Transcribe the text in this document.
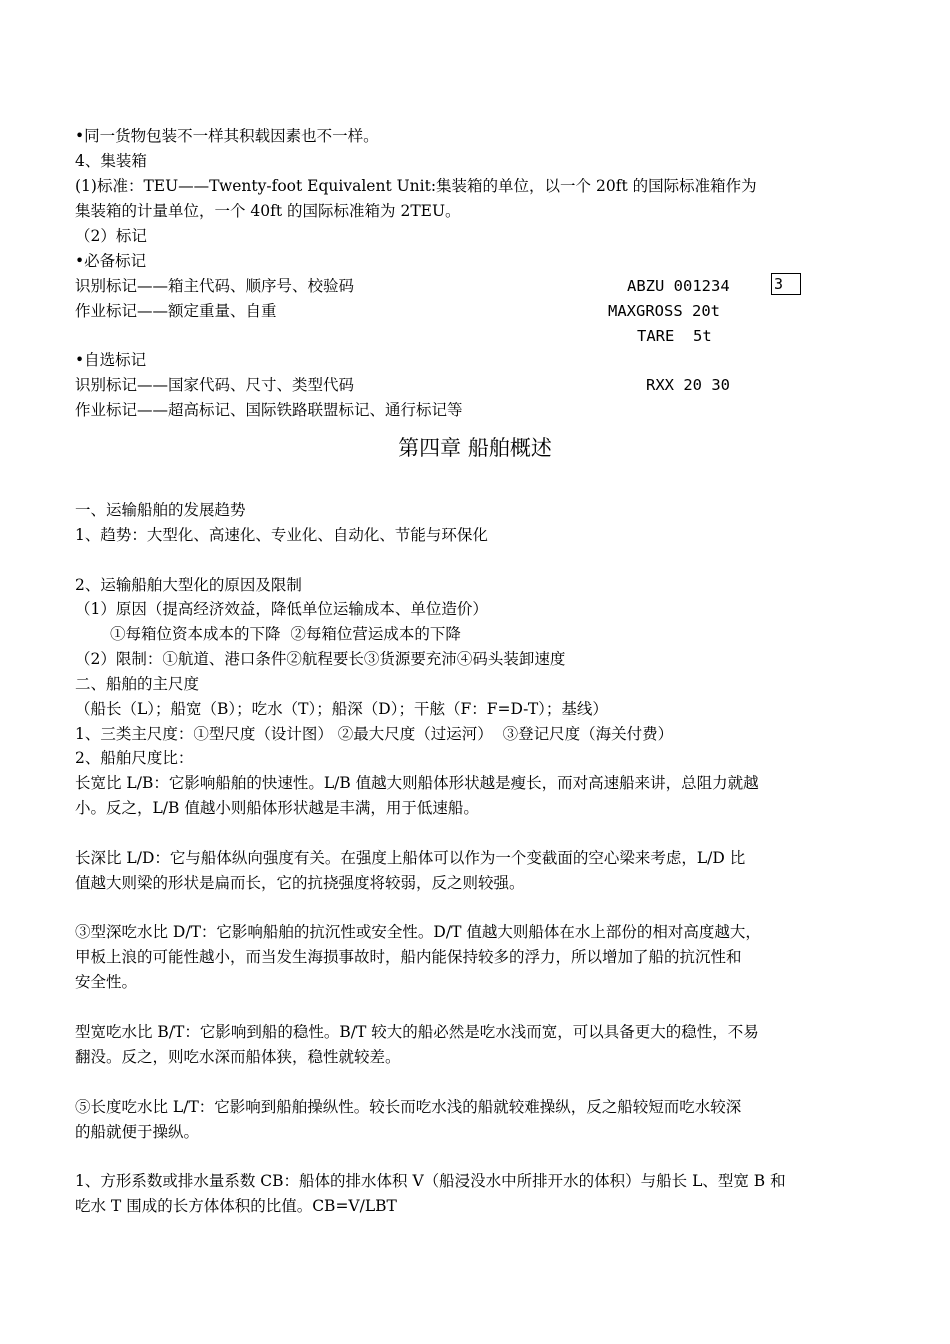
•同一货物包装不一样其积载因素也不一样。
4、集装箱
(1)标准：TEU——Twenty-foot Equivalent Unit:集装箱的单位，以一个 20ft 的国际标准箱作为
集装箱的计量单位，一个 40ft 的国际标准箱为 2TEU。
（2）标记
•必备标记
识别标记——箱主代码、顺序号、校验码
作业标记——额定重量、自重
ABZU 001234	3
MAXGROSS 20t
TARE  5t
•自选标记
识别标记——国家代码、尺寸、类型代码	RXX 20 30
作业标记——超高标记、国际铁路联盟标记、通行标记等
第四章 船舶概述
一、运输船舶的发展趋势
1、趋势：大型化、高速化、专业化、自动化、节能与环保化
2、运输船舶大型化的原因及限制
（1）原因（提高经济效益，降低单位运输成本、单位造价）
①每箱位资本成本的下降  ②每箱位营运成本的下降
（2）限制：①航道、港口条件②航程要长③货源要充沛④码头装卸速度
二、船舶的主尺度
（船长（L）；船宽（B）；吃水（T）；船深（D）；干舷（F：F=D-T）；基线）
1、三类主尺度：①型尺度（设计图） ②最大尺度（过运河）  ③登记尺度（海关付费）
2、船舶尺度比：
长宽比 L/B：它影响船舶的快速性。L/B 值越大则船体形状越是瘦长，而对高速船来讲，总阻力就越
小。反之，L/B 值越小则船体形状越是丰满，用于低速船。
长深比 L/D：它与船体纵向强度有关。在强度上船体可以作为一个变截面的空心梁来考虑，L/D 比
值越大则梁的形状是扁而长，它的抗挠强度将较弱，反之则较强。
③型深吃水比 D/T：它影响船舶的抗沉性或安全性。D/T 值越大则船体在水上部份的相对高度越大，
甲板上浪的可能性越小，而当发生海损事故时，船内能保持较多的浮力，所以增加了船的抗沉性和
安全性。
型宽吃水比 B/T：它影响到船的稳性。B/T 较大的船必然是吃水浅而宽，可以具备更大的稳性，不易
翻没。反之，则吃水深而船体狭，稳性就较差。
⑤长度吃水比 L/T：它影响到船舶操纵性。较长而吃水浅的船就较难操纵，反之船较短而吃水较深
的船就便于操纵。
1、方形系数或排水量系数 CB：船体的排水体积 V（船浸没水中所排开水的体积）与船长 L、型宽 B 和
吃水 T 围成的长方体体积的比值。CB=V/LBT
